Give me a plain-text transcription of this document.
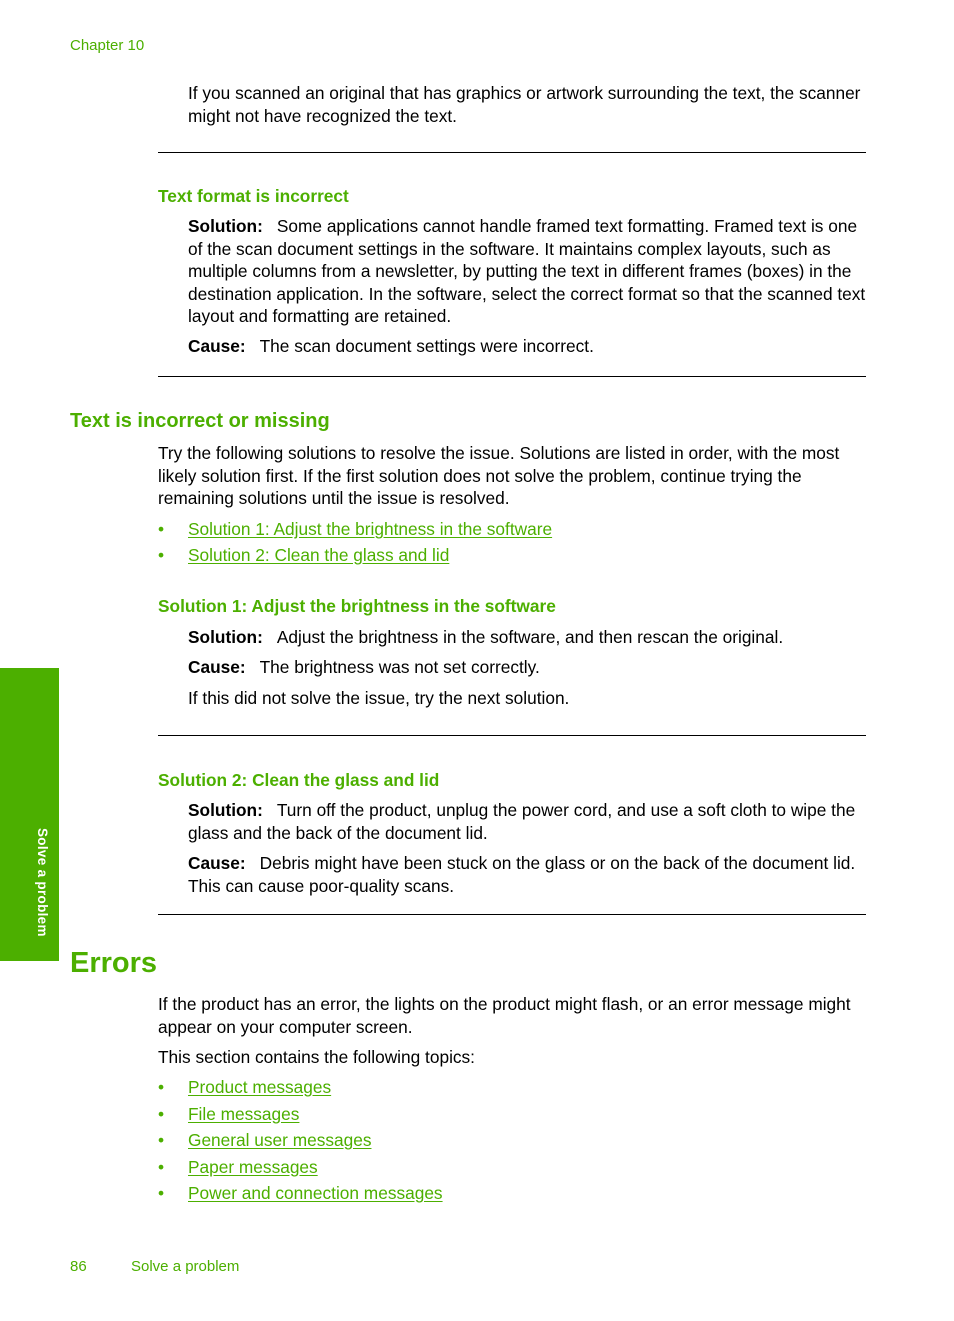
Chapter 10
If you scanned an original that has graphics or artwork surrounding the text, the scanner might not have recognized the text.
Text format is incorrect
Solution: Some applications cannot handle framed text formatting. Framed text is one of the scan document settings in the software. It maintains complex layouts, such as multiple columns from a newsletter, by putting the text in different frames (boxes) in the destination application. In the software, select the correct format so that the scanned text layout and formatting are retained.
Cause: The scan document settings were incorrect.
Text is incorrect or missing
Try the following solutions to resolve the issue. Solutions are listed in order, with the most likely solution first. If the first solution does not solve the problem, continue trying the remaining solutions until the issue is resolved.
• Solution 1: Adjust the brightness in the software
• Solution 2: Clean the glass and lid
Solution 1: Adjust the brightness in the software
Solution: Adjust the brightness in the software, and then rescan the original.
Cause: The brightness was not set correctly.
If this did not solve the issue, try the next solution.
Solution 2: Clean the glass and lid
Solution: Turn off the product, unplug the power cord, and use a soft cloth to wipe the glass and the back of the document lid.
Cause: Debris might have been stuck on the glass or on the back of the document lid. This can cause poor-quality scans.
Errors
If the product has an error, the lights on the product might flash, or an error message might appear on your computer screen.
This section contains the following topics:
• Product messages
• File messages
• General user messages
• Paper messages
• Power and connection messages
Solve a problem
86	Solve a problem
